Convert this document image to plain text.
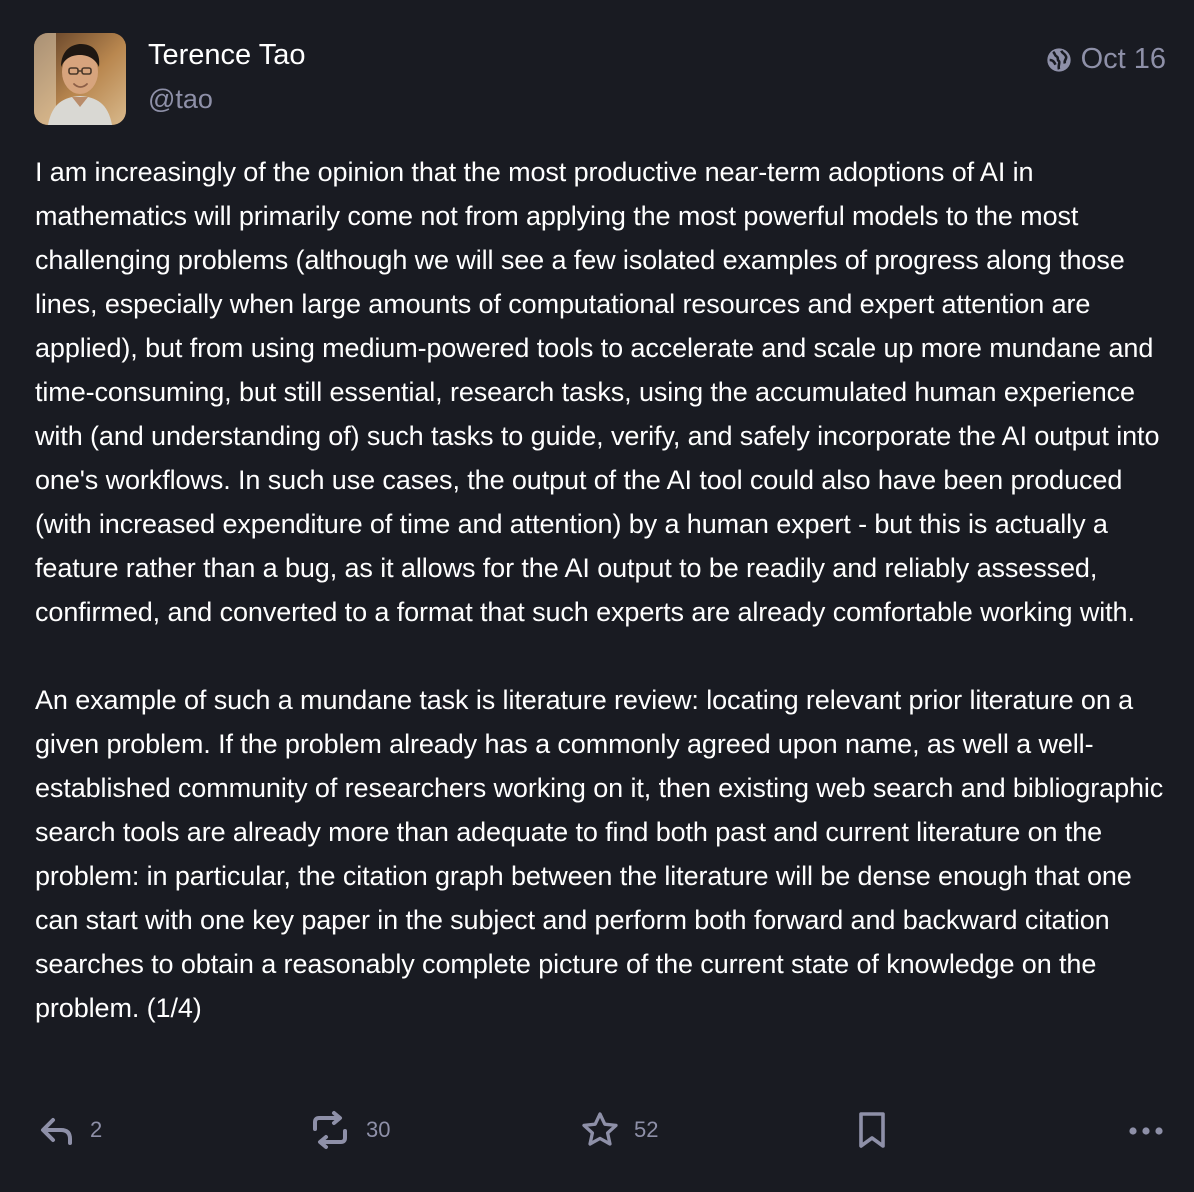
Terence Tao
@tao
Oct 16

I am increasingly of the opinion that the most productive near-term adoptions of AI in mathematics will primarily come not from applying the most powerful models to the most challenging problems (although we will see a few isolated examples of progress along those lines, especially when large amounts of computational resources and expert attention are applied), but from using medium-powered tools to accelerate and scale up more mundane and time-consuming, but still essential, research tasks, using the accumulated human experience with (and understanding of) such tasks to guide, verify, and safely incorporate the AI output into one's workflows. In such use cases, the output of the AI tool could also have been produced (with increased expenditure of time and attention) by a human expert - but this is actually a feature rather than a bug, as it allows for the AI output to be readily and reliably assessed, confirmed, and converted to a format that such experts are already comfortable working with.

An example of such a mundane task is literature review: locating relevant prior literature on a given problem. If the problem already has a commonly agreed upon name, as well a well-established community of researchers working on it, then existing web search and bibliographic search tools are already more than adequate to find both past and current literature on the problem: in particular, the citation graph between the literature will be dense enough that one can start with one key paper in the subject and perform both forward and backward citation searches to obtain a reasonably complete picture of the current state of knowledge on the problem. (1/4)

2	30	52
